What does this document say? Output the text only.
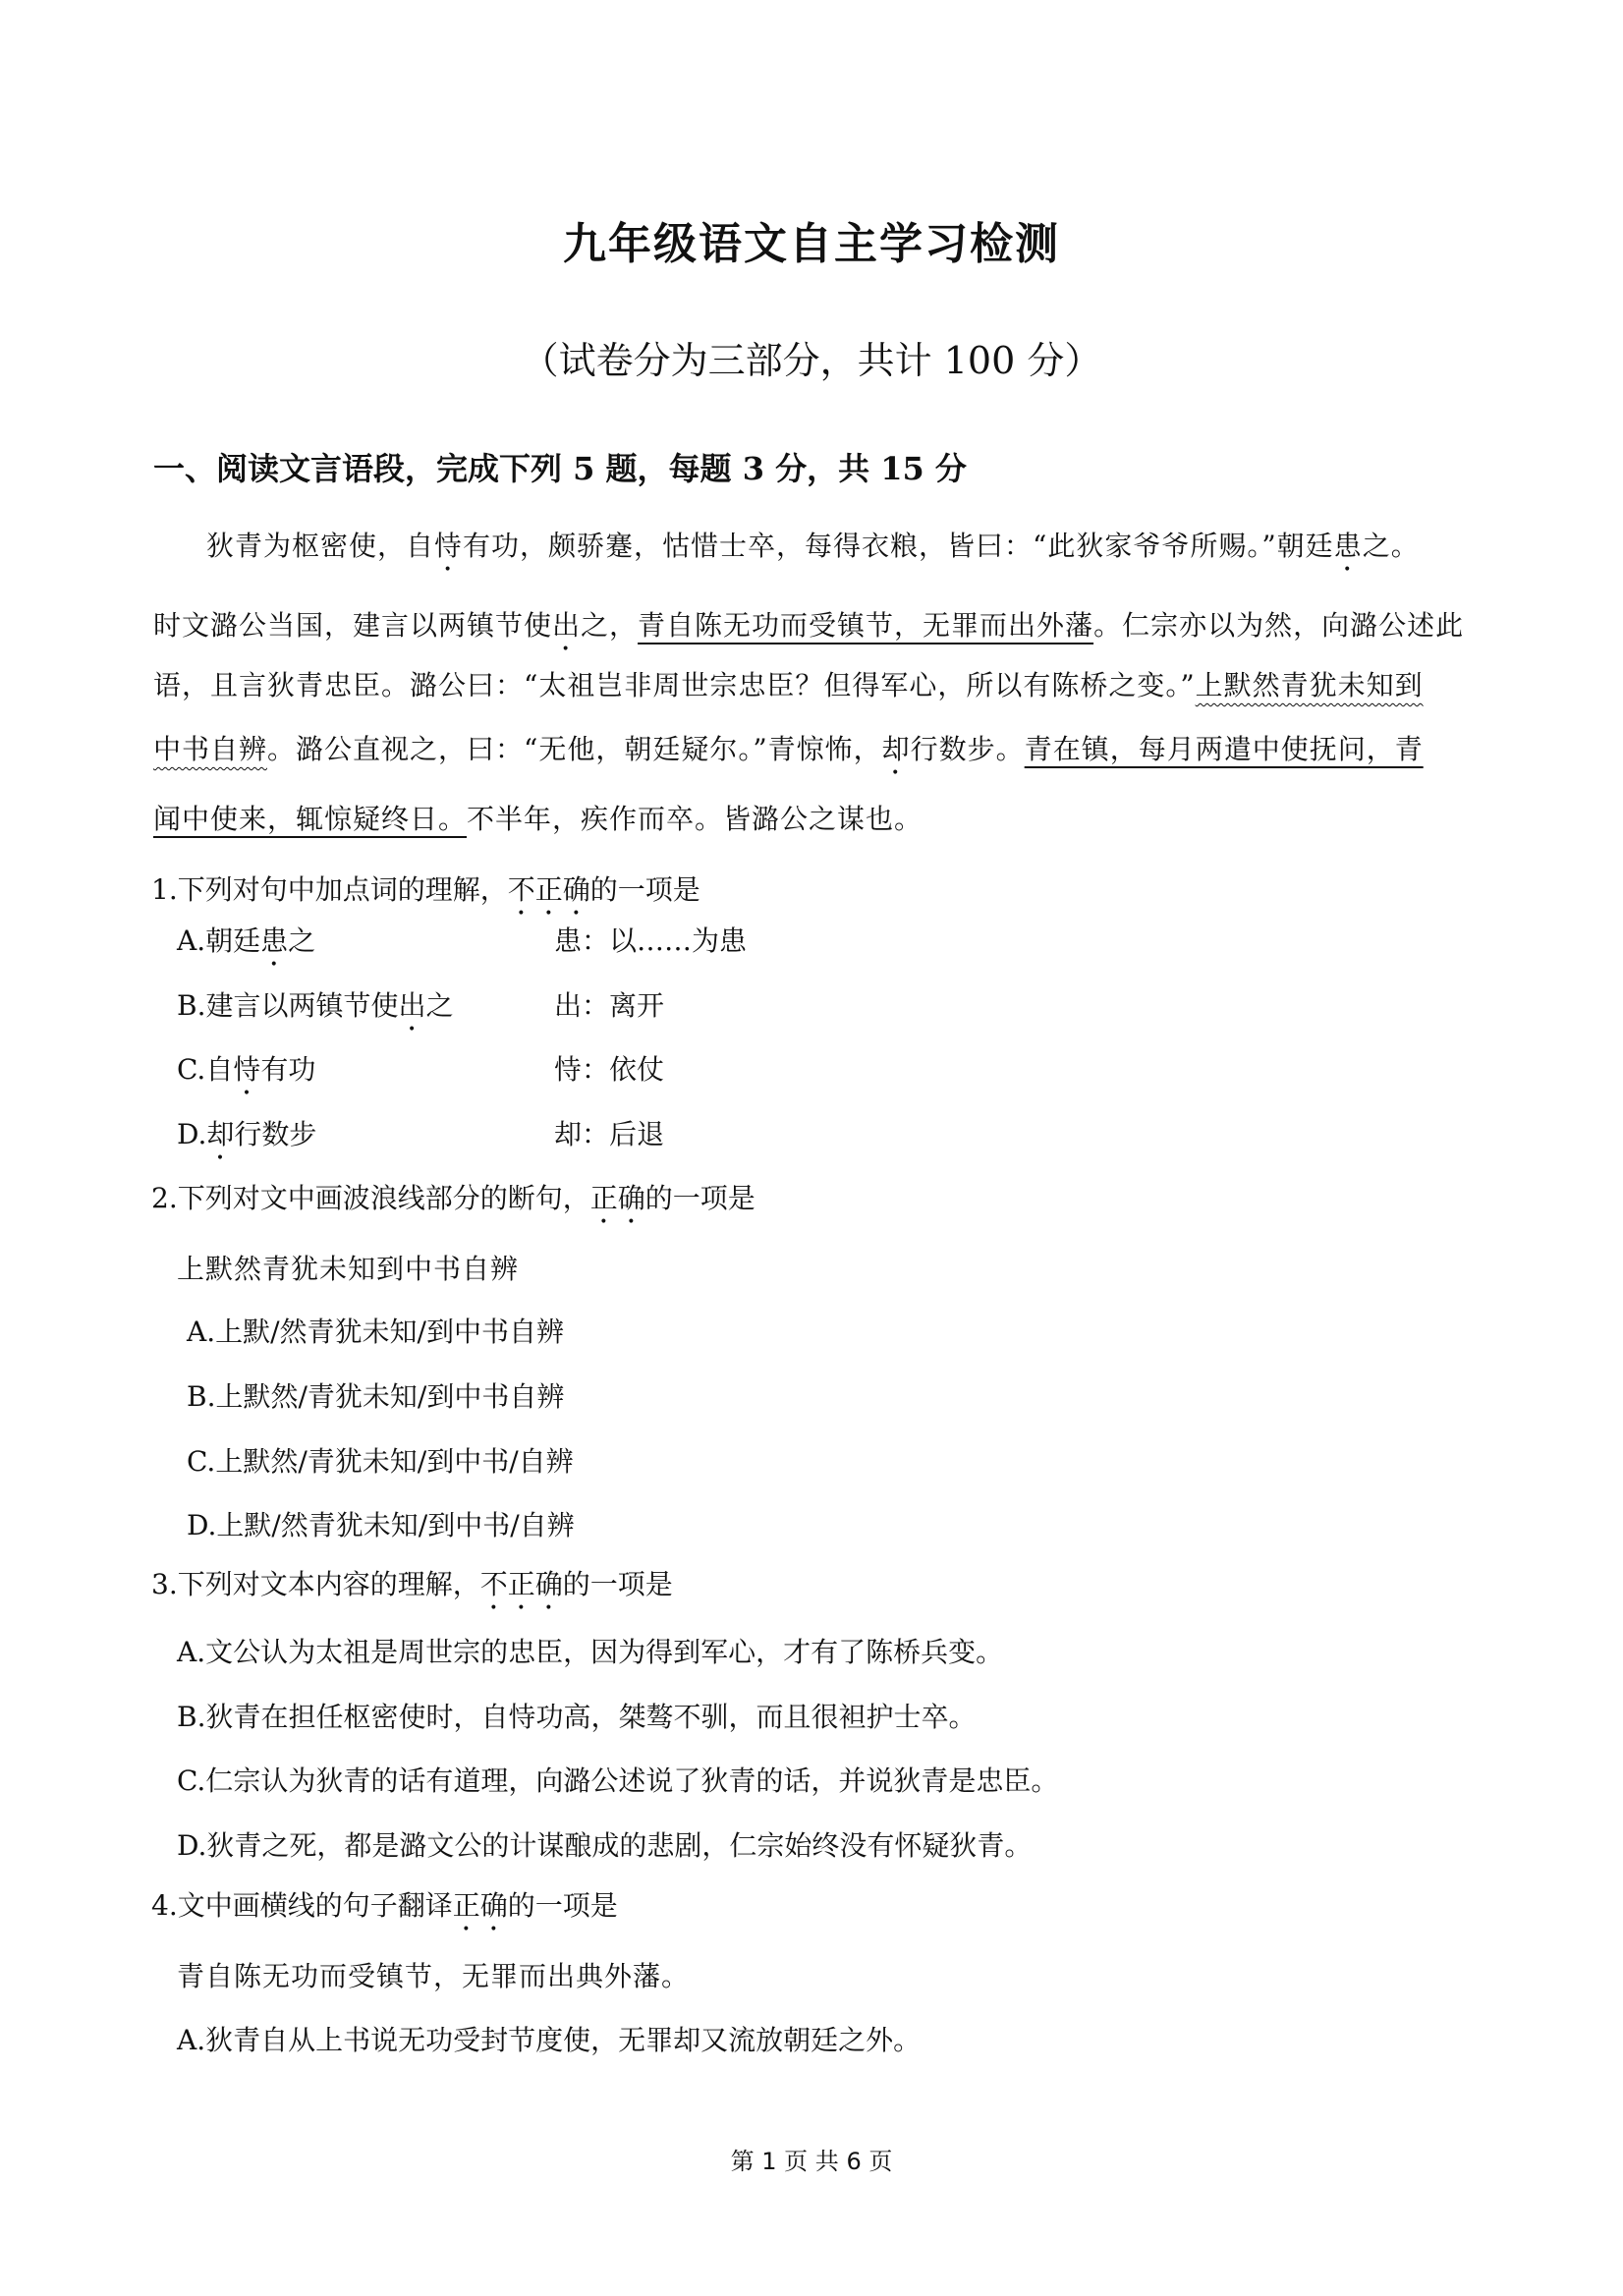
九年级语文自主学习检测
（试卷分为三部分，共计 100 分）
一、阅读文言语段，完成下列 5 题，每题 3 分，共 15 分
狄青为枢密使，自恃有功，颇骄蹇，怙惜士卒，每得衣粮，皆曰：“此狄家爷爷所赐。”朝廷患之。
时文潞公当国，建言以两镇节使出之，青自陈无功而受镇节，无罪而出外藩。仁宗亦以为然，向潞公述此
语，且言狄青忠臣。潞公曰：“太祖岂非周世宗忠臣？但得军心，所以有陈桥之变。”上默然青犹未知到
中书自辨。潞公直视之，曰：“无他，朝廷疑尔。”青惊怖，却行数步。青在镇，每月两遣中使抚问，青
闻中使来，辄惊疑终日。不半年，疾作而卒。皆潞公之谋也。
1.下列对句中加点词的理解，不正确的一项是
A.朝廷患之	患：以……为患
B.建言以两镇节使出之	出：离开
C.自恃有功	恃：依仗
D.却行数步	却：后退
2.下列对文中画波浪线部分的断句，正确的一项是
上默然青犹未知到中书自辨
A.上默/然青犹未知/到中书自辨
B.上默然/青犹未知/到中书自辨
C.上默然/青犹未知/到中书/自辨
D.上默/然青犹未知/到中书/自辨
3.下列对文本内容的理解，不正确的一项是
A.文公认为太祖是周世宗的忠臣，因为得到军心，才有了陈桥兵变。
B.狄青在担任枢密使时，自恃功高，桀骜不驯，而且很袒护士卒。
C.仁宗认为狄青的话有道理，向潞公述说了狄青的话，并说狄青是忠臣。
D.狄青之死，都是潞文公的计谋酿成的悲剧，仁宗始终没有怀疑狄青。
4.文中画横线的句子翻译正确的一项是
青自陈无功而受镇节，无罪而出典外藩。
A.狄青自从上书说无功受封节度使，无罪却又流放朝廷之外。
第 1 页 共 6 页
